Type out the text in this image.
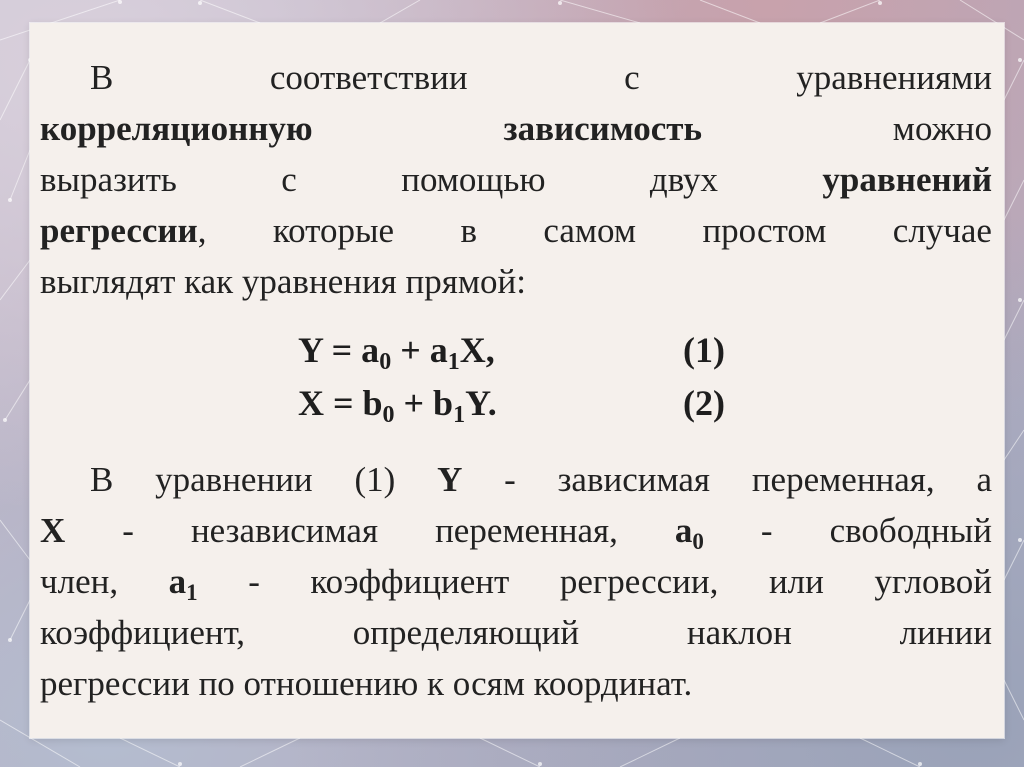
В	соответствии	с	уравнениями
корреляционную	зависимость	можно
выразить	с	помощью	двух	уравнений
регрессии, которые в самом простом случае
выглядят как уравнения прямой:
$Y = a_0 + a_1X$,	(1)
$X = b_0 + b_1Y$.	(2)
В уравнении (1) Y - зависимая переменная, а
X - независимая переменная, $a_0$ - свободный
член, $a_1$ - коэффициент регрессии, или угловой
коэффициент, определяющий наклон линии
регрессии по отношению к осям координат.
